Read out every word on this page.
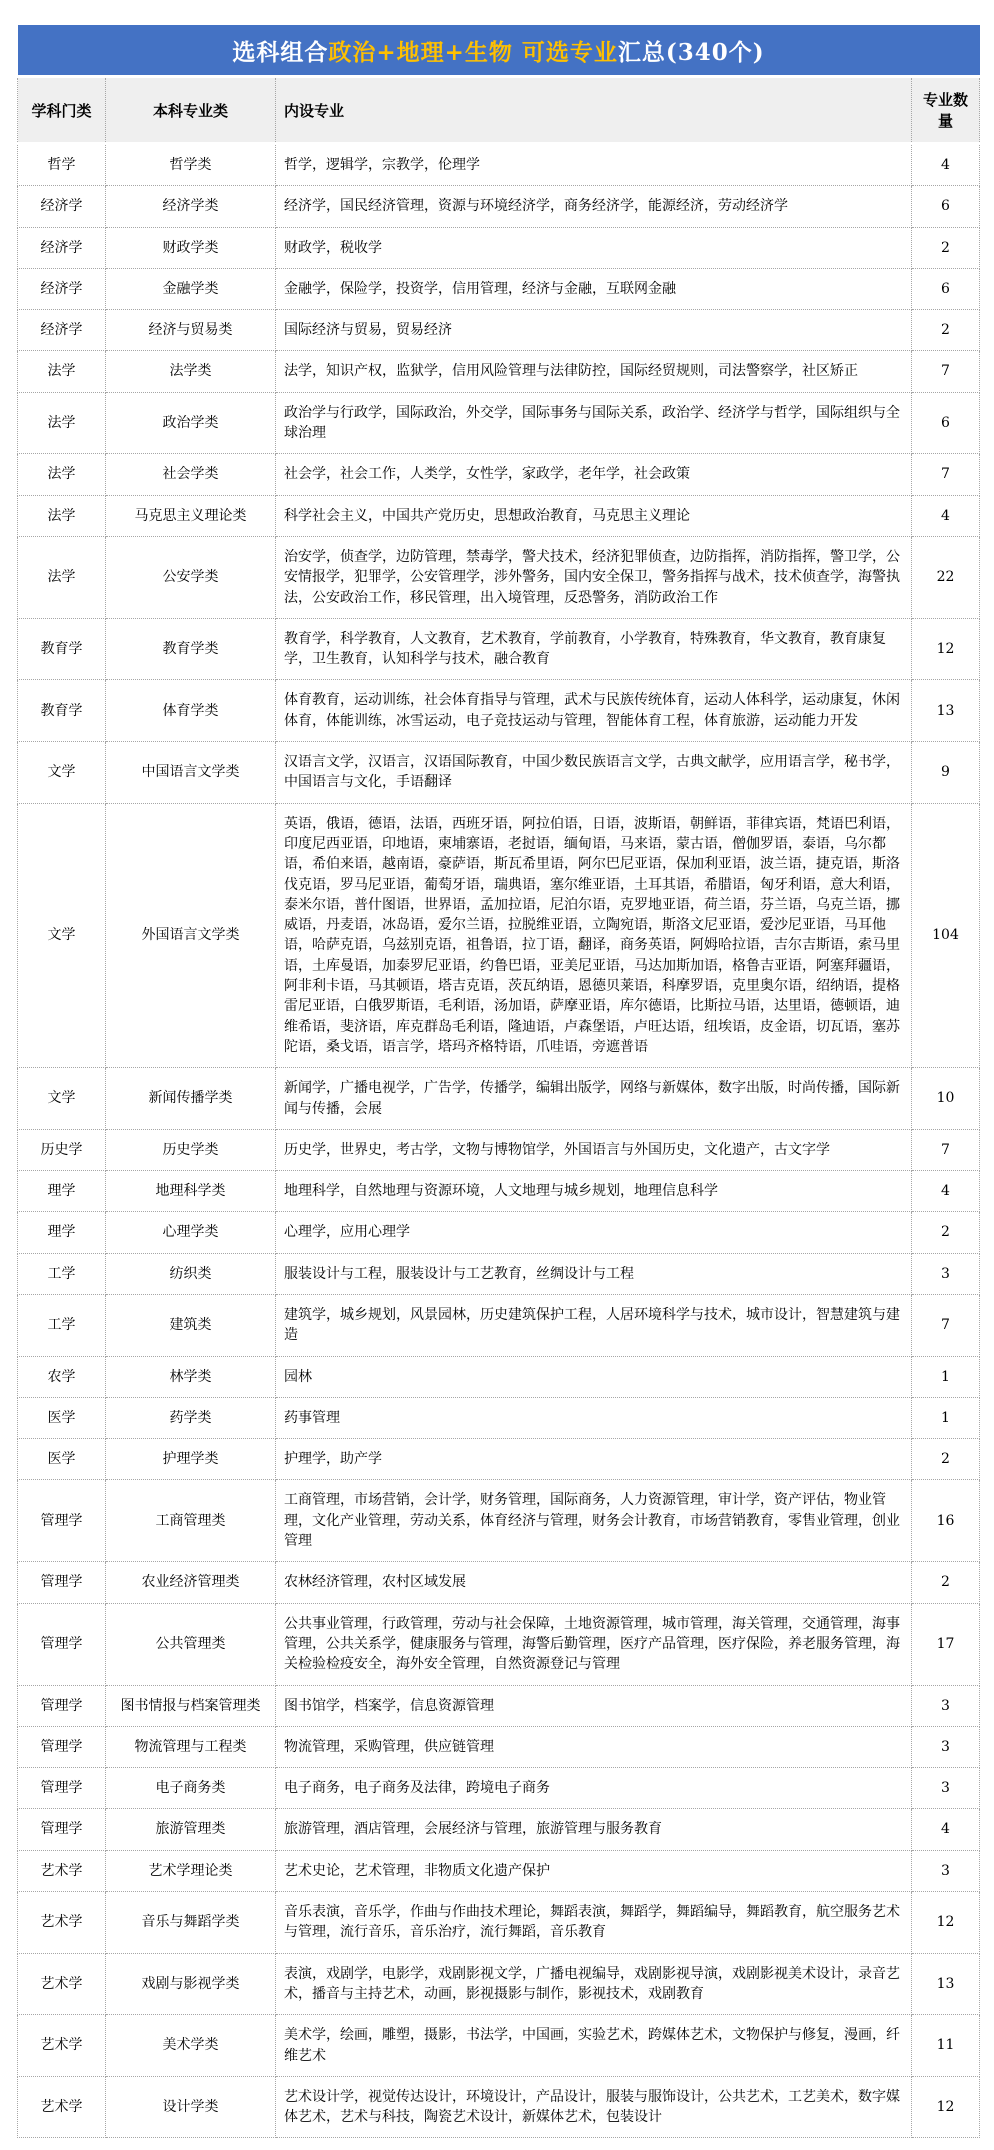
选科组合政治+地理+生物 可选专业汇总(340个)			
学科门类	本科专业类	内设专业	专业数量
哲学	哲学类	哲学，逻辑学，宗教学，伦理学	4
经济学	经济学类	经济学，国民经济管理，资源与环境经济学，商务经济学，能源经济，劳动经济学	6
经济学	财政学类	财政学，税收学	2
经济学	金融学类	金融学，保险学，投资学，信用管理，经济与金融，互联网金融	6
经济学	经济与贸易类	国际经济与贸易，贸易经济	2
法学	法学类	法学，知识产权，监狱学，信用风险管理与法律防控，国际经贸规则，司法警察学，社区矫正	7
法学	政治学类	政治学与行政学，国际政治，外交学，国际事务与国际关系，政治学、经济学与哲学，国际组织与全球治理	6
法学	社会学类	社会学，社会工作，人类学，女性学，家政学，老年学，社会政策	7
法学	马克思主义理论类	科学社会主义，中国共产党历史，思想政治教育，马克思主义理论	4
法学	公安学类	治安学，侦查学，边防管理，禁毒学，警犬技术，经济犯罪侦查，边防指挥，消防指挥，警卫学，公安情报学，犯罪学，公安管理学，涉外警务，国内安全保卫，警务指挥与战术，技术侦查学，海警执法，公安政治工作，移民管理，出入境管理，反恐警务，消防政治工作	22
教育学	教育学类	教育学，科学教育，人文教育，艺术教育，学前教育，小学教育，特殊教育，华文教育，教育康复学，卫生教育，认知科学与技术，融合教育	12
教育学	体育学类	体育教育，运动训练，社会体育指导与管理，武术与民族传统体育，运动人体科学，运动康复，休闲体育，体能训练，冰雪运动，电子竞技运动与管理，智能体育工程，体育旅游，运动能力开发	13
文学	中国语言文学类	汉语言文学，汉语言，汉语国际教育，中国少数民族语言文学，古典文献学，应用语言学，秘书学，中国语言与文化，手语翻译	9
文学	外国语言文学类	英语，俄语，德语，法语，西班牙语，阿拉伯语，日语，波斯语，朝鲜语，菲律宾语，梵语巴利语，印度尼西亚语，印地语，柬埔寨语，老挝语，缅甸语，马来语，蒙古语，僧伽罗语，泰语，乌尔都语，希伯来语，越南语，豪萨语，斯瓦希里语，阿尔巴尼亚语，保加利亚语，波兰语，捷克语，斯洛伐克语，罗马尼亚语，葡萄牙语，瑞典语，塞尔维亚语，土耳其语，希腊语，匈牙利语，意大利语，泰米尔语，普什图语，世界语，孟加拉语，尼泊尔语，克罗地亚语，荷兰语，芬兰语，乌克兰语，挪威语，丹麦语，冰岛语，爱尔兰语，拉脱维亚语，立陶宛语，斯洛文尼亚语，爱沙尼亚语，马耳他语，哈萨克语，乌兹别克语，祖鲁语，拉丁语，翻译，商务英语，阿姆哈拉语，吉尔吉斯语，索马里语，土库曼语，加泰罗尼亚语，约鲁巴语，亚美尼亚语，马达加斯加语，格鲁吉亚语，阿塞拜疆语，阿非利卡语，马其顿语，塔吉克语，茨瓦纳语，恩德贝莱语，科摩罗语，克里奥尔语，绍纳语，提格雷尼亚语，白俄罗斯语，毛利语，汤加语，萨摩亚语，库尔德语，比斯拉马语，达里语，德顿语，迪维希语，斐济语，库克群岛毛利语，隆迪语，卢森堡语，卢旺达语，纽埃语，皮金语，切瓦语，塞苏陀语，桑戈语，语言学，塔玛齐格特语，爪哇语，旁遮普语	104
文学	新闻传播学类	新闻学，广播电视学，广告学，传播学，编辑出版学，网络与新媒体，数字出版，时尚传播，国际新闻与传播，会展	10
历史学	历史学类	历史学，世界史，考古学，文物与博物馆学，外国语言与外国历史，文化遗产，古文字学	7
理学	地理科学类	地理科学，自然地理与资源环境，人文地理与城乡规划，地理信息科学	4
理学	心理学类	心理学，应用心理学	2
工学	纺织类	服装设计与工程，服装设计与工艺教育，丝绸设计与工程	3
工学	建筑类	建筑学，城乡规划，风景园林，历史建筑保护工程，人居环境科学与技术，城市设计，智慧建筑与建造	7
农学	林学类	园林	1
医学	药学类	药事管理	1
医学	护理学类	护理学，助产学	2
管理学	工商管理类	工商管理，市场营销，会计学，财务管理，国际商务，人力资源管理，审计学，资产评估，物业管理，文化产业管理，劳动关系，体育经济与管理，财务会计教育，市场营销教育，零售业管理，创业管理	16
管理学	农业经济管理类	农林经济管理，农村区域发展	2
管理学	公共管理类	公共事业管理，行政管理，劳动与社会保障，土地资源管理，城市管理，海关管理，交通管理，海事管理，公共关系学，健康服务与管理，海警后勤管理，医疗产品管理，医疗保险，养老服务管理，海关检验检疫安全，海外安全管理，自然资源登记与管理	17
管理学	图书情报与档案管理类	图书馆学，档案学，信息资源管理	3
管理学	物流管理与工程类	物流管理，采购管理，供应链管理	3
管理学	电子商务类	电子商务，电子商务及法律，跨境电子商务	3
管理学	旅游管理类	旅游管理，酒店管理，会展经济与管理，旅游管理与服务教育	4
艺术学	艺术学理论类	艺术史论，艺术管理，非物质文化遗产保护	3
艺术学	音乐与舞蹈学类	音乐表演，音乐学，作曲与作曲技术理论，舞蹈表演，舞蹈学，舞蹈编导，舞蹈教育，航空服务艺术与管理，流行音乐，音乐治疗，流行舞蹈，音乐教育	12
艺术学	戏剧与影视学类	表演，戏剧学，电影学，戏剧影视文学，广播电视编导，戏剧影视导演，戏剧影视美术设计，录音艺术，播音与主持艺术，动画，影视摄影与制作，影视技术，戏剧教育	13
艺术学	美术学类	美术学，绘画，雕塑，摄影，书法学，中国画，实验艺术，跨媒体艺术，文物保护与修复，漫画，纤维艺术	11
艺术学	设计学类	艺术设计学，视觉传达设计，环境设计，产品设计，服装与服饰设计，公共艺术，工艺美术，数字媒体艺术，艺术与科技，陶瓷艺术设计，新媒体艺术，包装设计	12
